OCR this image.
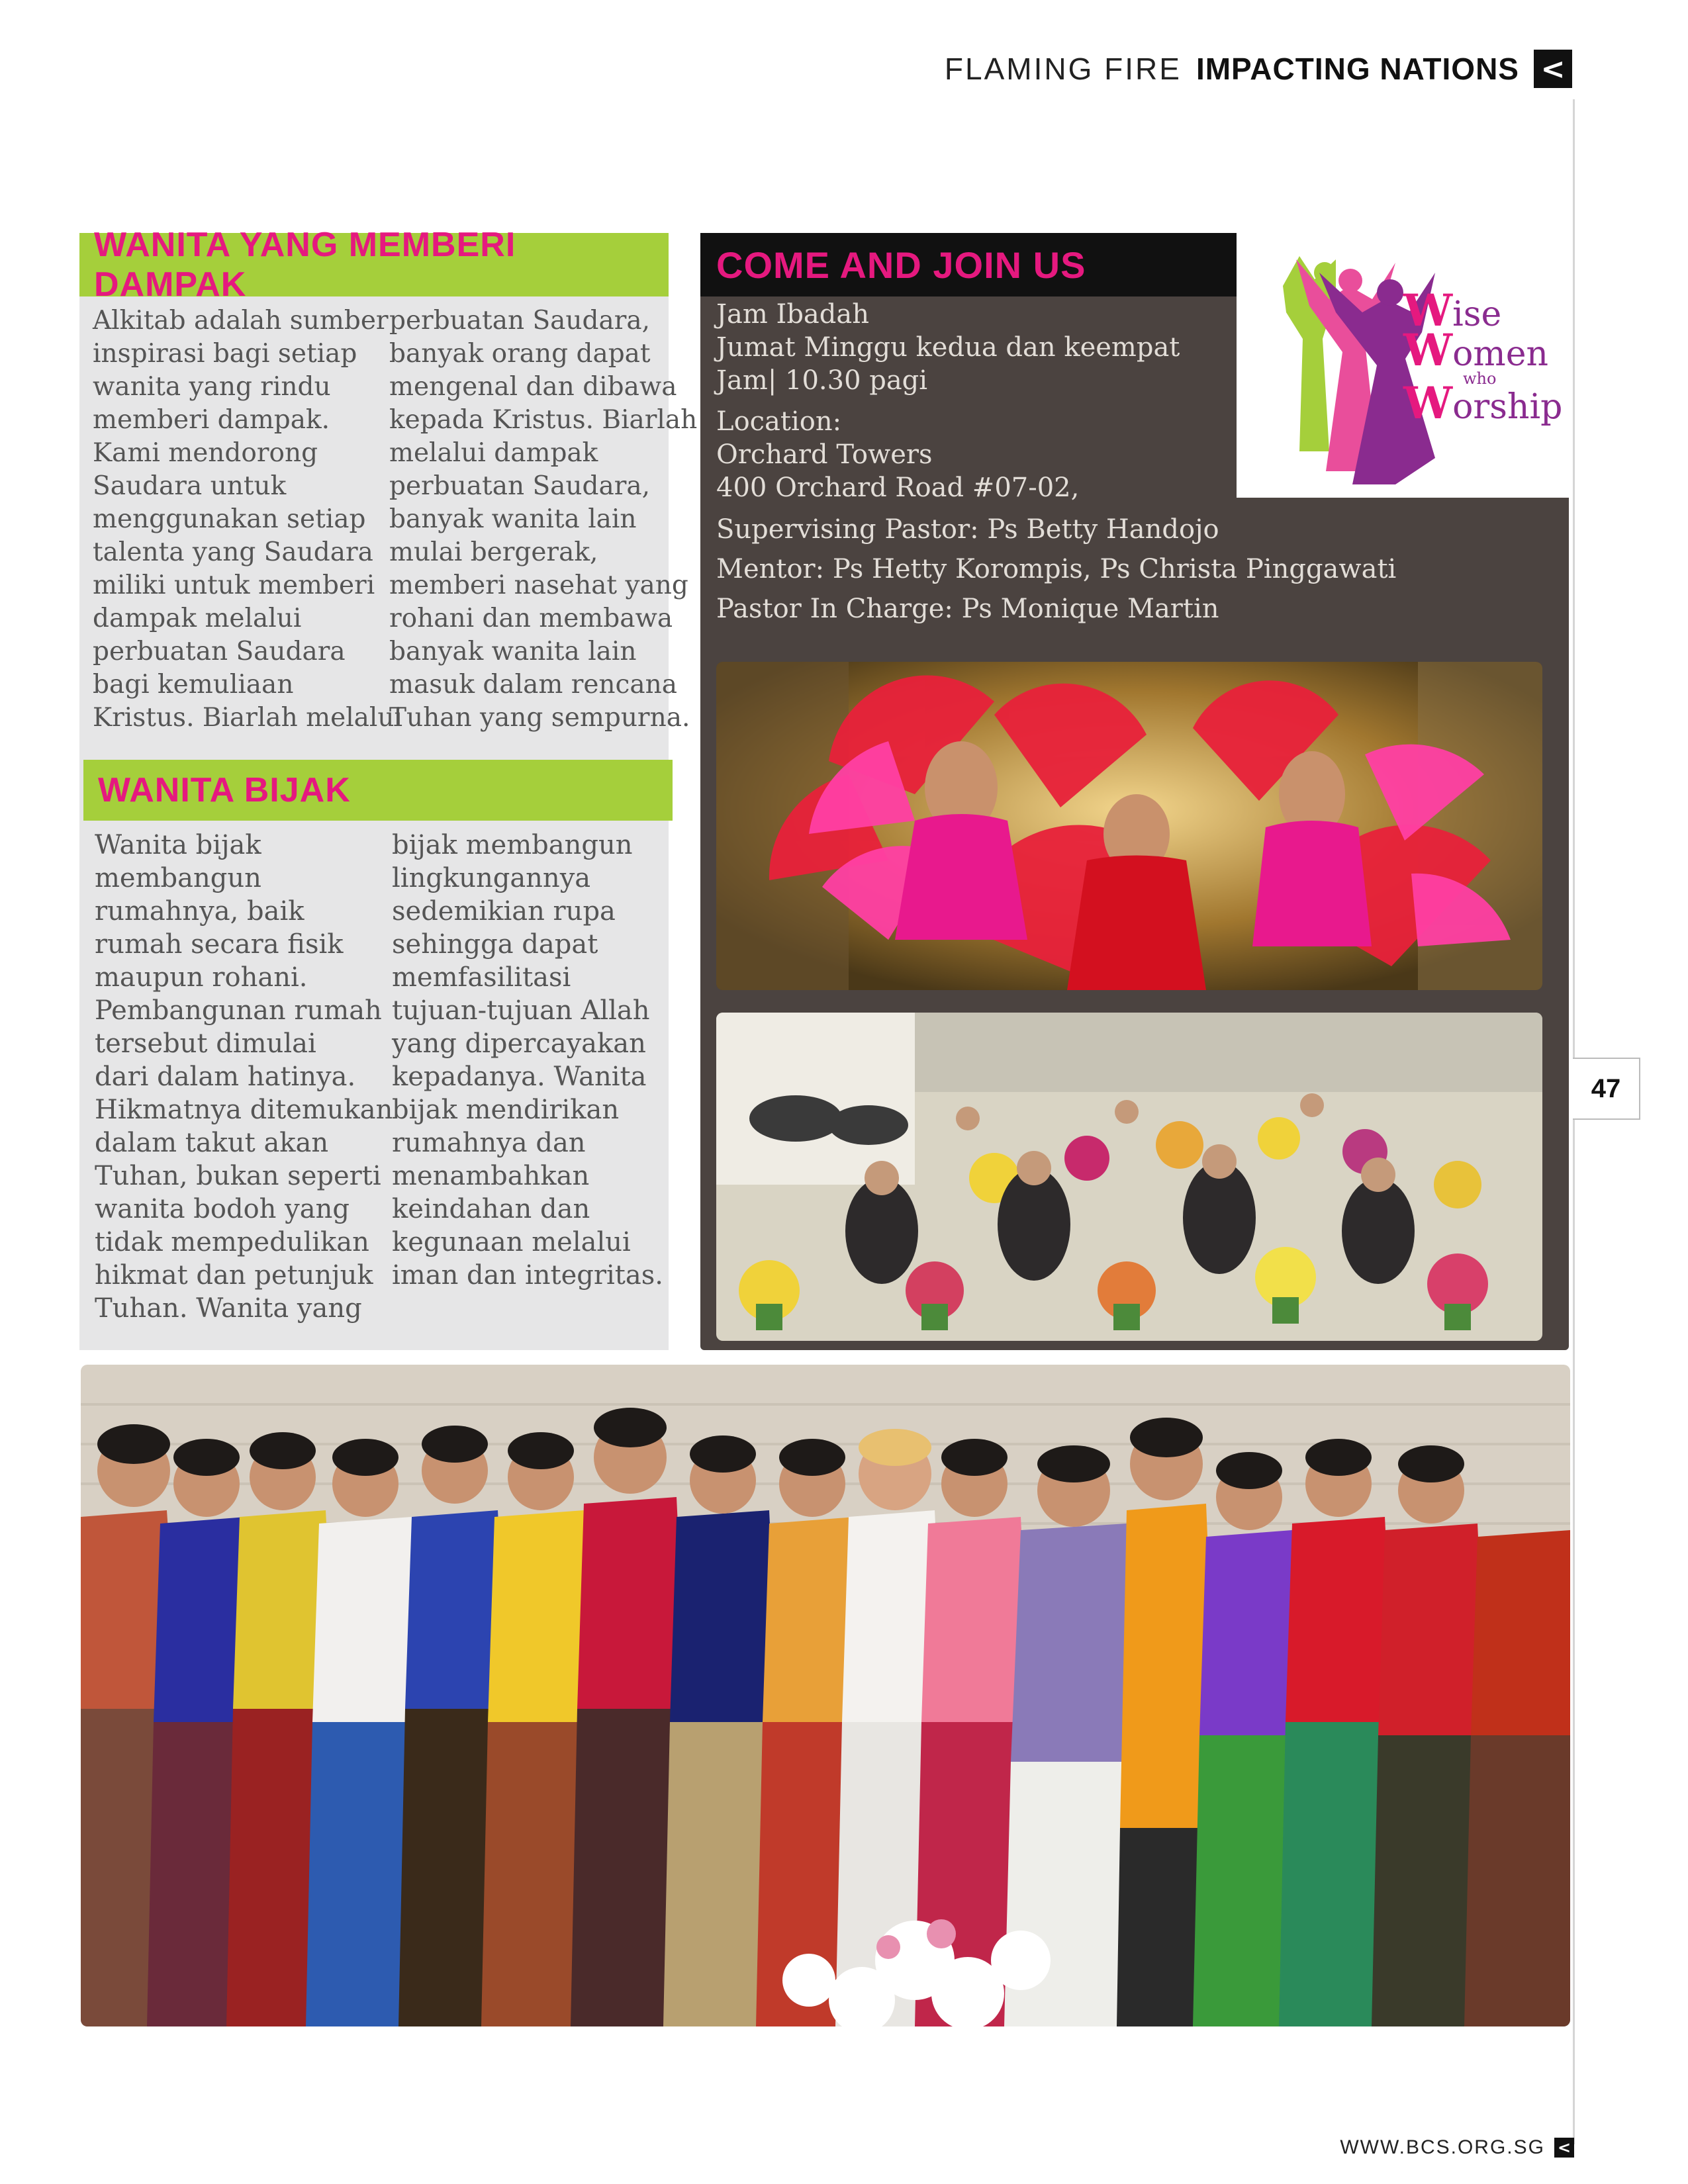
FLAMING FIRE IMPACTING NATIONS <
WANITA YANG MEMBERI DAMPAK
Alkitab adalah sumber
inspirasi bagi setiap
wanita yang rindu
memberi dampak.
Kami mendorong
Saudara untuk
menggunakan setiap
talenta yang Saudara
miliki untuk memberi
dampak melalui
perbuatan Saudara
bagi kemuliaan
Kristus. Biarlah melalui
perbuatan Saudara,
banyak orang dapat
mengenal dan dibawa
kepada Kristus. Biarlah
melalui dampak
perbuatan Saudara,
banyak wanita lain
mulai bergerak,
memberi nasehat yang
rohani dan membawa
banyak wanita lain
masuk dalam rencana
Tuhan yang sempurna.
WANITA BIJAK
Wanita bijak
membangun
rumahnya, baik
rumah secara fisik
maupun rohani.
Pembangunan rumah
tersebut dimulai
dari dalam hatinya.
Hikmatnya ditemukan
dalam takut akan
Tuhan, bukan seperti
wanita bodoh yang
tidak mempedulikan
hikmat dan petunjuk
Tuhan. Wanita yang
bijak membangun
lingkungannya
sedemikian rupa
sehingga dapat
memfasilitasi
tujuan-tujuan Allah
yang dipercayakan
kepadanya. Wanita
bijak mendirikan
rumahnya dan
menambahkan
keindahan dan
kegunaan melalui
iman dan integritas.
COME AND JOIN US
Wise
Women
who
Worship
Jam Ibadah
Jumat Minggu kedua dan keempat
Jam| 10.30 pagi
Location:
Orchard Towers
400 Orchard Road #07-02,
Supervising Pastor: Ps Betty Handojo
Mentor: Ps Hetty Korompis, Ps Christa Pinggawati
Pastor In Charge: Ps Monique Martin
47
WWW.BCS.ORG.SG <
